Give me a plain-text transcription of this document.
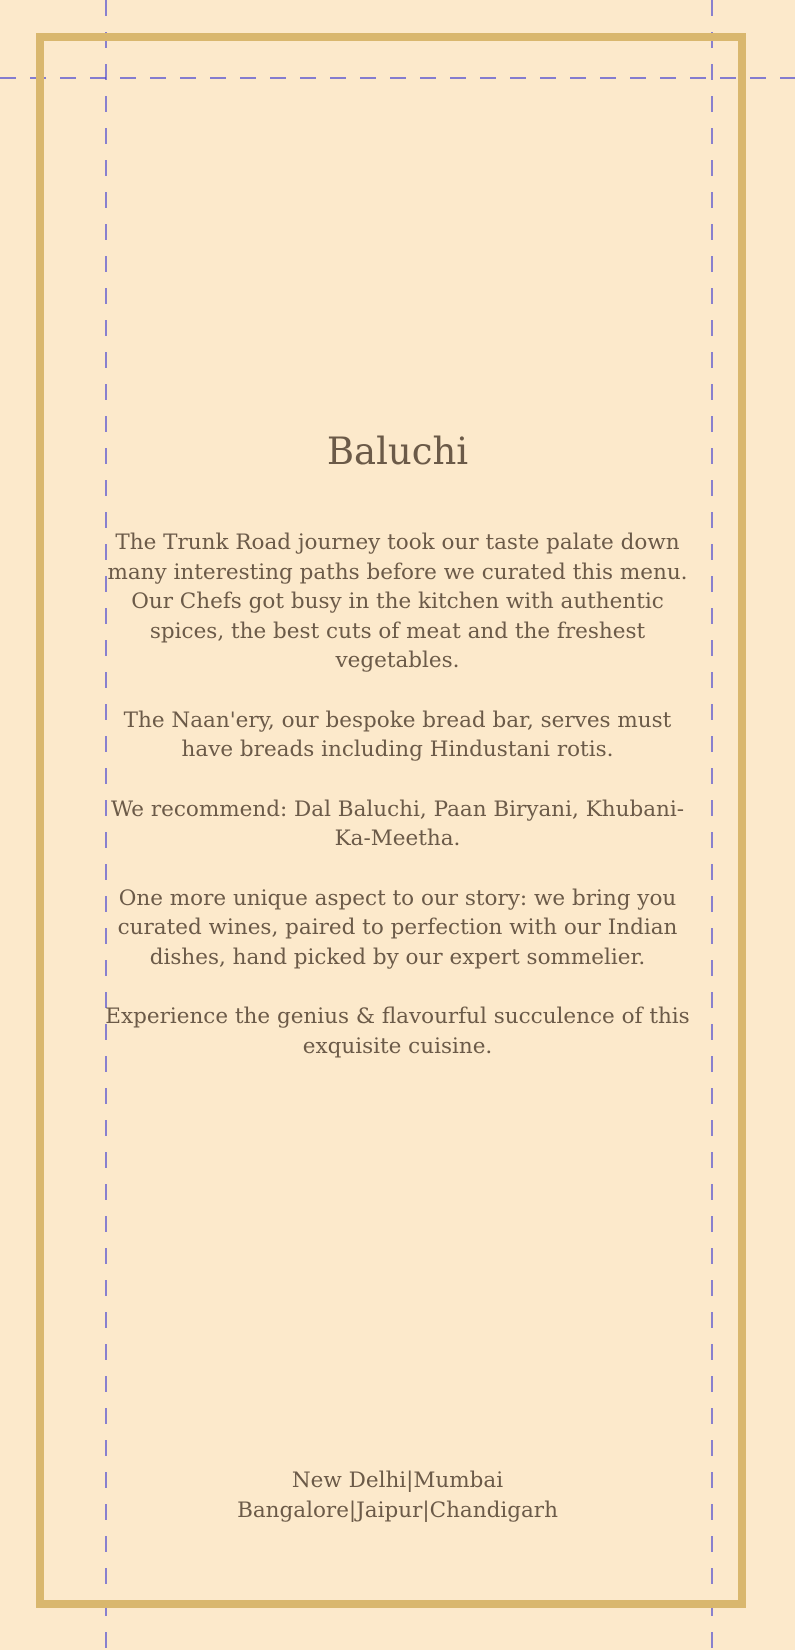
Baluchi

The Trunk Road journey took our taste palate down many interesting paths before we curated this menu. Our Chefs got busy in the kitchen with authentic spices, the best cuts of meat and the freshest vegetables.

The Naan'ery, our bespoke bread bar, serves must have breads including Hindustani rotis.

We recommend: Dal Baluchi, Paan Biryani, Khubani-Ka-Meetha.

One more unique aspect to our story: we bring you curated wines, paired to perfection with our Indian dishes, hand picked by our expert sommelier.

Experience the genius & flavourful succulence of this exquisite cuisine.

New Delhi|Mumbai
Bangalore|Jaipur|Chandigarh
